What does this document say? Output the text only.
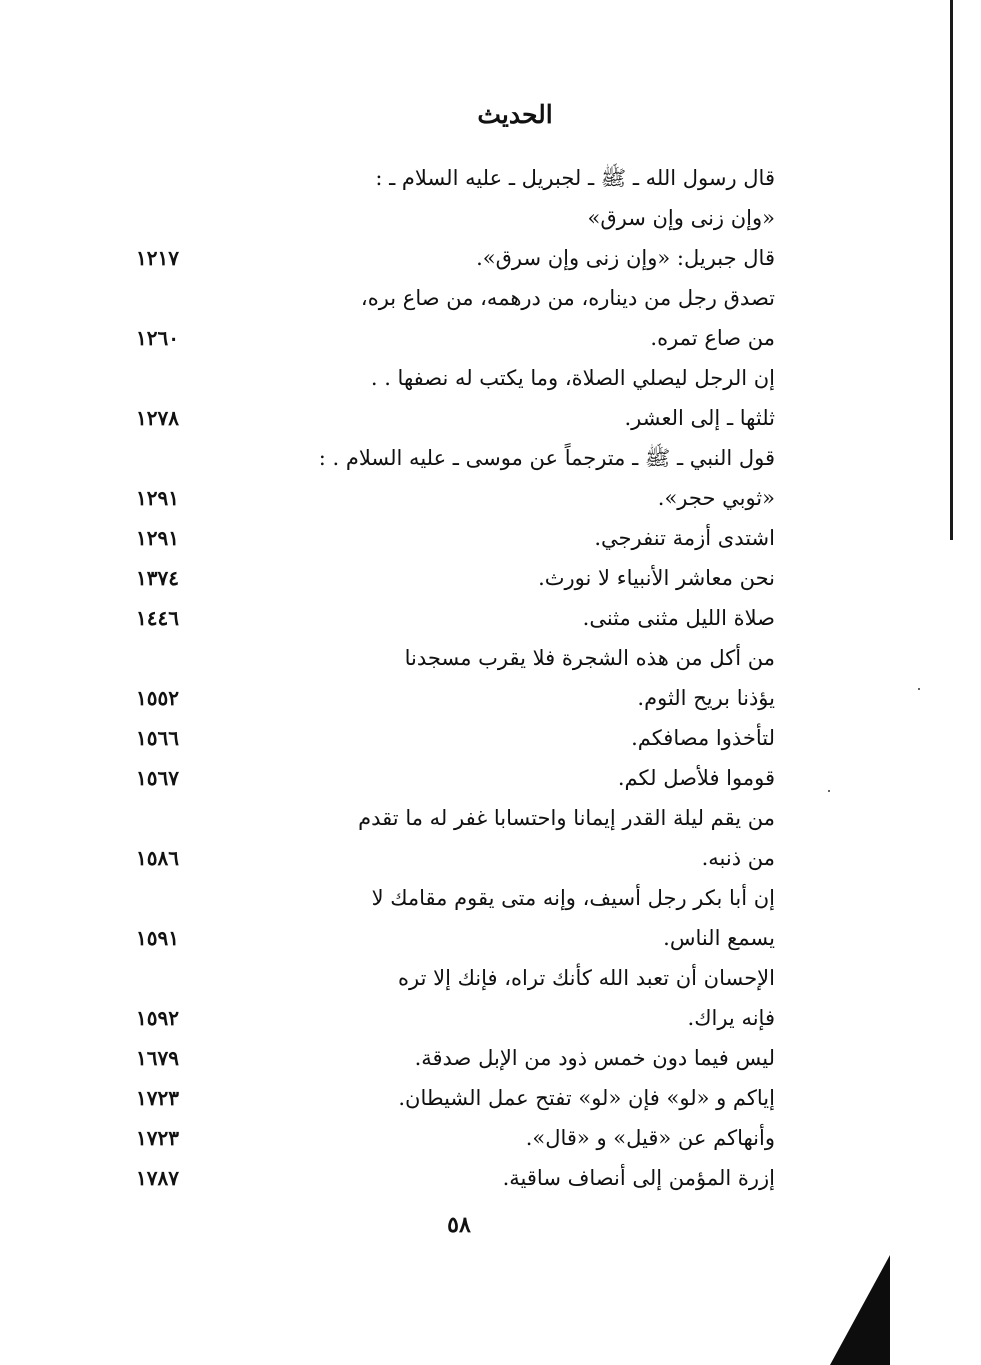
الحديث
قال رسول الله ـ ﷺ ـ لجبريل ـ عليه السلام ـ :
«وإن زنى وإن سرق»
قال جبريل: «وإن زنى وإن سرق».
١٢١٧
تصدق رجل من ديناره، من درهمه، من صاع بره،
من صاع تمره.
١٢٦٠
إن الرجل ليصلي الصلاة، وما يكتب له نصفها . .
ثلثها ـ إلى العشر.
١٢٧٨
قول النبي ـ ﷺ ـ مترجماً عن موسى ـ عليه السلام . :
«ثوبي حجر».
١٢٩١
اشتدى أزمة تنفرجي.
١٢٩١
نحن معاشر الأنبياء لا نورث.
١٣٧٤
صلاة الليل مثنى مثنى.
١٤٤٦
من أكل من هذه الشجرة فلا يقرب مسجدنا
يؤذنا بريح الثوم.
١٥٥٢
لتأخذوا مصافكم.
١٥٦٦
قوموا فلأصل لكم.
١٥٦٧
من يقم ليلة القدر إيمانا واحتسابا غفر له ما تقدم
من ذنبه.
١٥٨٦
إن أبا بكر رجل أسيف، وإنه متى يقوم مقامك لا
يسمع الناس.
١٥٩١
الإحسان أن تعبد الله كأنك تراه، فإنك إلا تره
فإنه يراك.
١٥٩٢
ليس فيما دون خمس ذود من الإبل صدقة.
١٦٧٩
إياكم و «لو» فإن «لو» تفتح عمل الشيطان.
١٧٢٣
وأنهاكم عن «قيل» و «قال».
١٧٢٣
إزرة المؤمن إلى أنصاف ساقية.
١٧٨٧
٥٨
